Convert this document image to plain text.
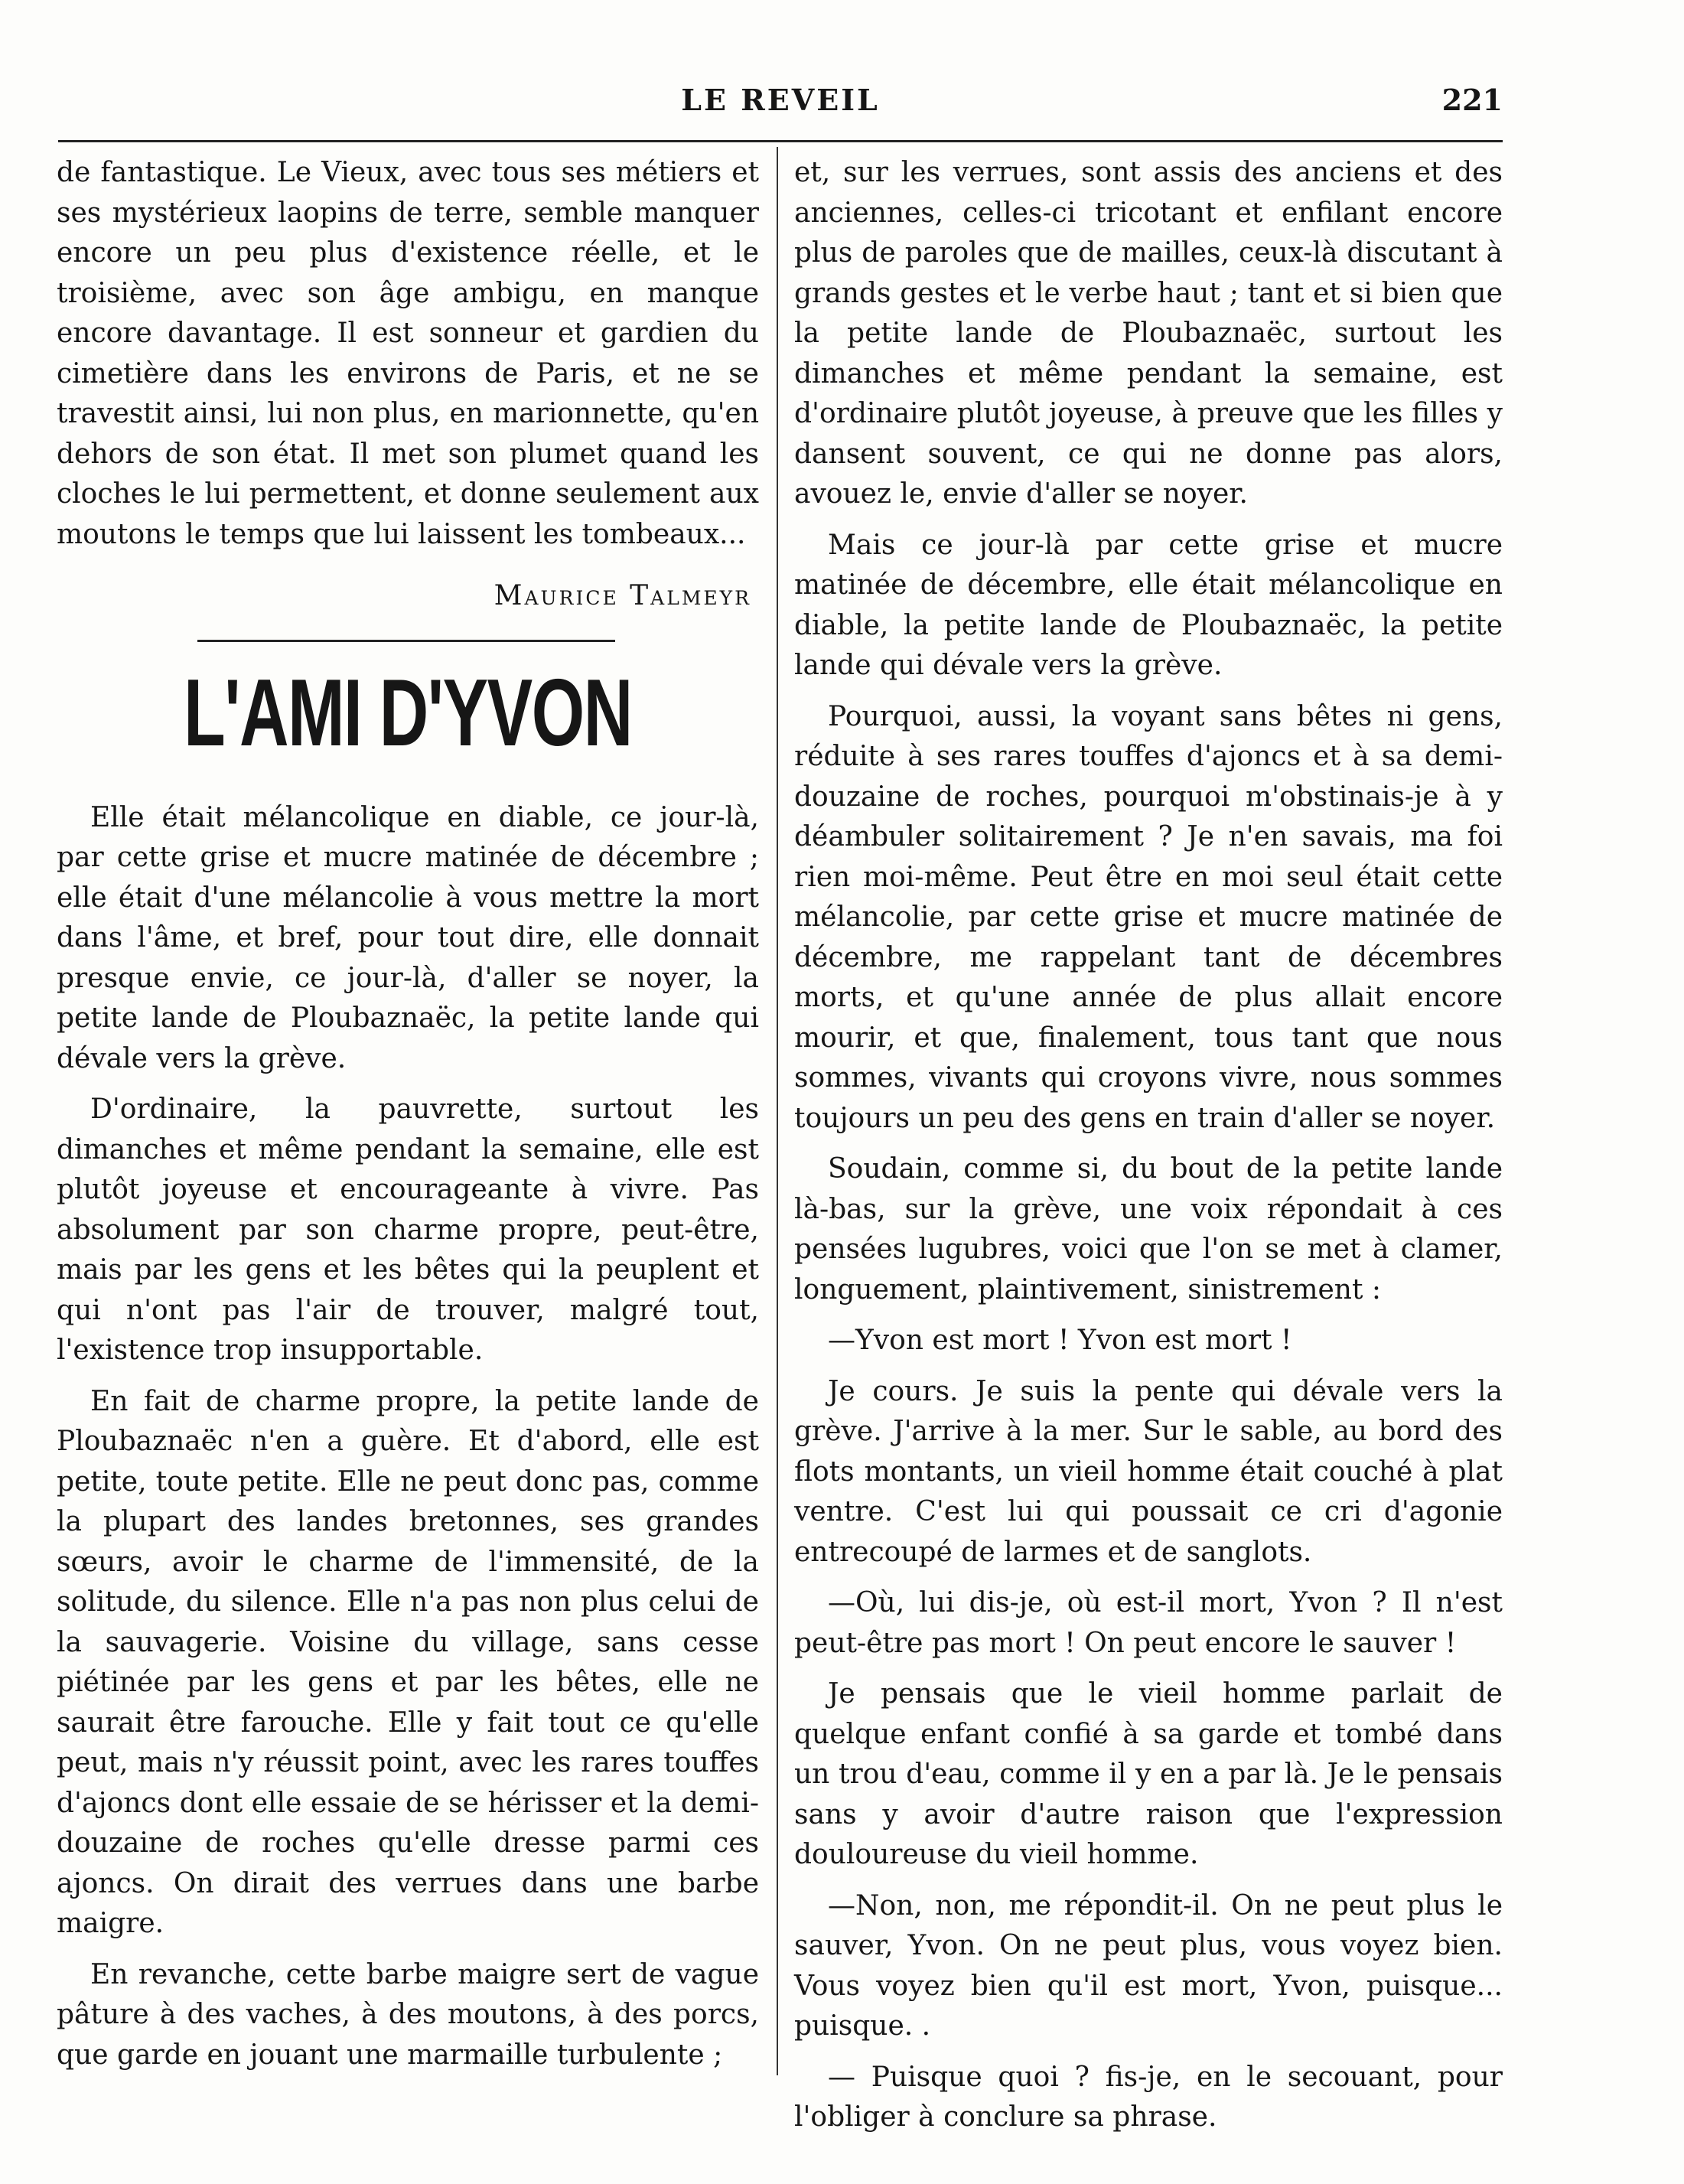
LE REVEIL	221

de fantastique. Le Vieux, avec tous ses métiers et ses mystérieux laopins de terre, semble manquer encore un peu plus d'existence réelle, et le troisième, avec son âge ambigu, en manque encore davantage. Il est sonneur et gardien du cimetière dans les environs de Paris, et ne se travestit ainsi, lui non plus, en marionnette, qu'en dehors de son état. Il met son plumet quand les cloches le lui permettent, et donne seulement aux moutons le temps que lui laissent les tombeaux...

Maurice Talmeyr
L'AMI D'YVON

Elle était mélancolique en diable, ce jour-là, par cette grise et mucre matinée de décembre ; elle était d'une mélancolie à vous mettre la mort dans l'âme, et bref, pour tout dire, elle donnait presque envie, ce jour-là, d'aller se noyer, la petite lande de Ploubaznaëc, la petite lande qui dévale vers la grève.

D'ordinaire, la pauvrette, surtout les dimanches et même pendant la semaine, elle est plutôt joyeuse et encourageante à vivre. Pas absolument par son charme propre, peut-être, mais par les gens et les bêtes qui la peuplent et qui n'ont pas l'air de trouver, malgré tout, l'existence trop insupportable.

En fait de charme propre, la petite lande de Ploubaznaëc n'en a guère. Et d'abord, elle est petite, toute petite. Elle ne peut donc pas, comme la plupart des landes bretonnes, ses grandes sœurs, avoir le charme de l'immensité, de la solitude, du silence. Elle n'a pas non plus celui de la sauvagerie. Voisine du village, sans cesse piétinée par les gens et par les bêtes, elle ne saurait être farouche. Elle y fait tout ce qu'elle peut, mais n'y réussit point, avec les rares touffes d'ajoncs dont elle essaie de se hérisser et la demi-douzaine de roches qu'elle dresse parmi ces ajoncs. On dirait des verrues dans une barbe maigre.

En revanche, cette barbe maigre sert de vague pâture à des vaches, à des moutons, à des porcs, que garde en jouant une marmaille turbulente ;

et, sur les verrues, sont assis des anciens et des anciennes, celles-ci tricotant et enfilant encore plus de paroles que de mailles, ceux-là discutant à grands gestes et le verbe haut ; tant et si bien que la petite lande de Ploubaznaëc, surtout les dimanches et même pendant la semaine, est d'ordinaire plutôt joyeuse, à preuve que les filles y dansent souvent, ce qui ne donne pas alors, avouez le, envie d'aller se noyer.

Mais ce jour-là par cette grise et mucre matinée de décembre, elle était mélancolique en diable, la petite lande de Ploubaznaëc, la petite lande qui dévale vers la grève.

Pourquoi, aussi, la voyant sans bêtes ni gens, réduite à ses rares touffes d'ajoncs et à sa demi-douzaine de roches, pourquoi m'obstinais-je à y déambuler solitairement ? Je n'en savais, ma foi rien moi-même. Peut être en moi seul était cette mélancolie, par cette grise et mucre matinée de décembre, me rappelant tant de décembres morts, et qu'une année de plus allait encore mourir, et que, finalement, tous tant que nous sommes, vivants qui croyons vivre, nous sommes toujours un peu des gens en train d'aller se noyer.

Soudain, comme si, du bout de la petite lande là-bas, sur la grève, une voix répondait à ces pensées lugubres, voici que l'on se met à clamer, longuement, plaintivement, sinistrement :

—Yvon est mort ! Yvon est mort !

Je cours. Je suis la pente qui dévale vers la grève. J'arrive à la mer. Sur le sable, au bord des flots montants, un vieil homme était couché à plat ventre. C'est lui qui poussait ce cri d'agonie entrecoupé de larmes et de sanglots.

—Où, lui dis-je, où est-il mort, Yvon ? Il n'est peut-être pas mort ! On peut encore le sauver !

Je pensais que le vieil homme parlait de quelque enfant confié à sa garde et tombé dans un trou d'eau, comme il y en a par là. Je le pensais sans y avoir d'autre raison que l'expression douloureuse du vieil homme.

—Non, non, me répondit-il. On ne peut plus le sauver, Yvon. On ne peut plus, vous voyez bien. Vous voyez bien qu'il est mort, Yvon, puisque... puisque. .

— Puisque quoi ? fis-je, en le secouant, pour l'obliger à conclure sa phrase.
